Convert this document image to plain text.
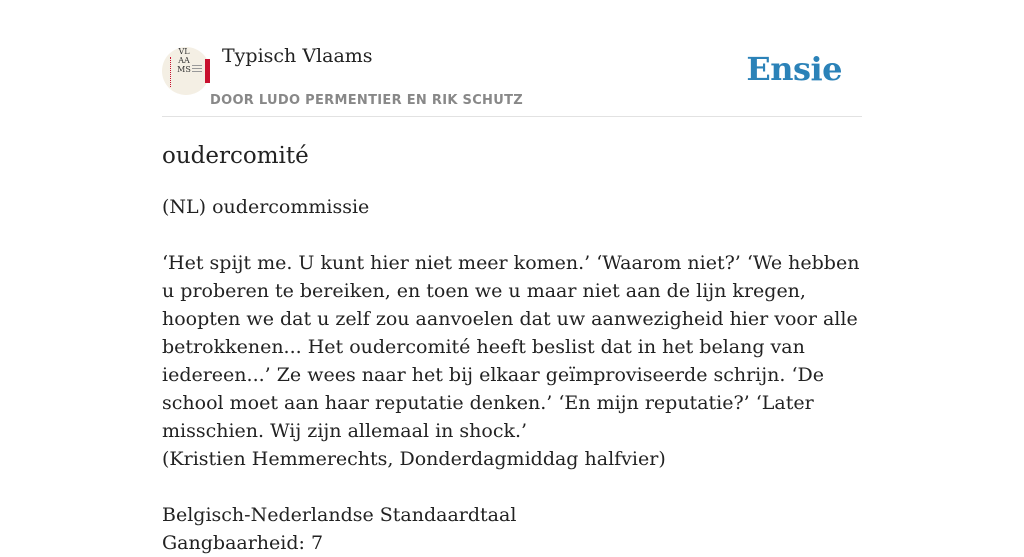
VLAAMS
Typisch Vlaams
DOOR LUDO PERMENTIER EN RIK SCHUTZ
Ensie
oudercomité
(NL) oudercommissie

‘Het spijt me. U kunt hier niet meer komen.’ ‘Waarom niet?’ ‘We hebben u proberen te bereiken, en toen we u maar niet aan de lijn kregen, hoopten we dat u zelf zou aanvoelen dat uw aanwezigheid hier voor alle betrokkenen... Het oudercomité heeft beslist dat in het belang van iedereen...’ Ze wees naar het bij elkaar geïmproviseerde schrijn. ‘De school moet aan haar reputatie denken.’ ‘En mijn reputatie?’ ‘Later misschien. Wij zijn allemaal in shock.’
(Kristien Hemmerechts, Donderdagmiddag halfvier)

Belgisch-Nederlandse Standaardtaal
Gangbaarheid: 7
